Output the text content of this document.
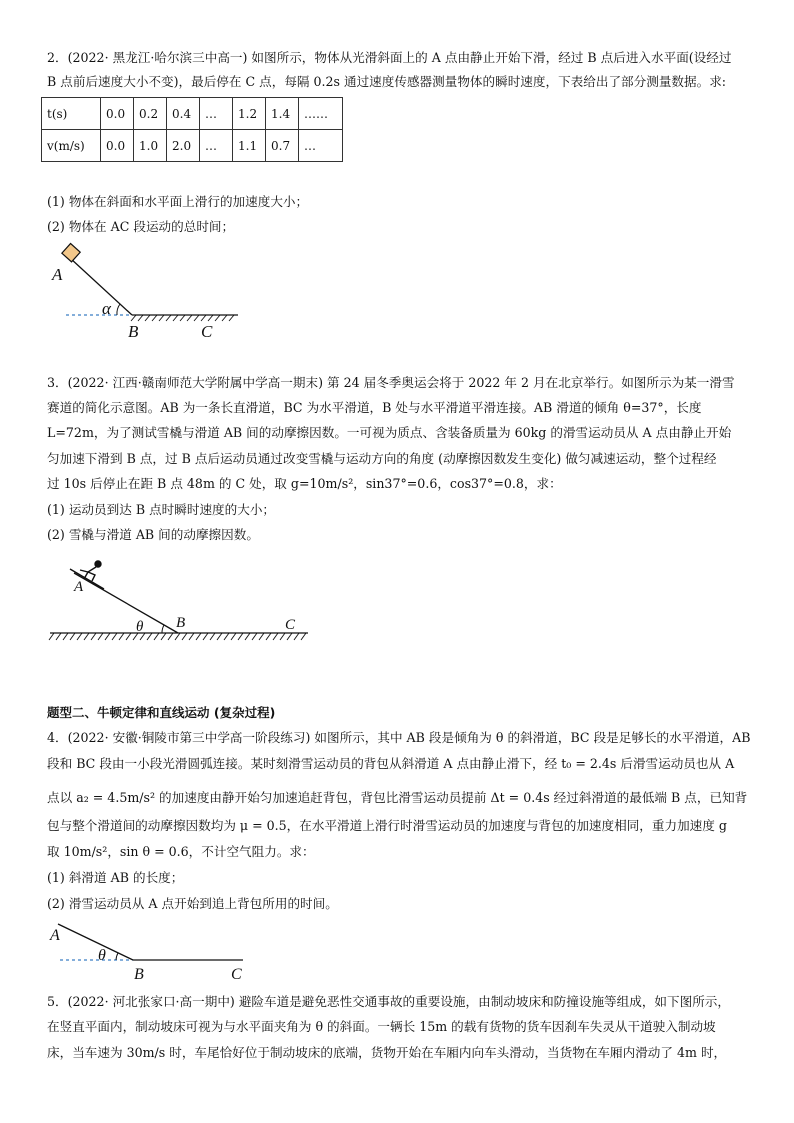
2．(2022· 黑龙江·哈尔滨三中高一) 如图所示，物体从光滑斜面上的 A 点由静止开始下滑，经过 B 点后进入水平面(设经过
B 点前后速度大小不变)，最后停在 C 点，每隔 0.2s 通过速度传感器测量物体的瞬时速度，下表给出了部分测量数据。求:
t(s)	0.0	0.2	0.4	…	1.2	1.4	……
v(m/s)	0.0	1.0	2.0	…	1.1	0.7	…
(1) 物体在斜面和水平面上滑行的加速度大小；
(2) 物体在 AC 段运动的总时间；
A
α
B	C
3．(2022· 江西·赣南师范大学附属中学高一期末) 第 24 届冬季奥运会将于 2022 年 2 月在北京举行。如图所示为某一滑雪
赛道的简化示意图。AB 为一条长直滑道，BC 为水平滑道，B 处与水平滑道平滑连接。AB 滑道的倾角 θ=37°，长度
L=72m，为了测试雪橇与滑道 AB 间的动摩擦因数。一可视为质点、含装备质量为 60kg 的滑雪运动员从 A 点由静止开始
匀加速下滑到 B 点，过 B 点后运动员通过改变雪橇与运动方向的角度 (动摩擦因数发生变化) 做匀减速运动，整个过程经
过 10s 后停止在距 B 点 48m 的 C 处，取 g=10m/s²，sin37°=0.6，cos37°=0.8，求：
(1) 运动员到达 B 点时瞬时速度的大小；
(2) 雪橇与滑道 AB 间的动摩擦因数。
A
θ B	C
题型二、牛顿定律和直线运动 (复杂过程)
4．(2022· 安徽·铜陵市第三中学高一阶段练习) 如图所示，其中 AB 段是倾角为 θ 的斜滑道，BC 段是足够长的水平滑道，AB
段和 BC 段由一小段光滑圆弧连接。某时刻滑雪运动员的背包从斜滑道 A 点由静止滑下，经 t₀ = 2.4s 后滑雪运动员也从 A
点以 a₂ = 4.5m/s² 的加速度由静开始匀加速追赶背包，背包比滑雪运动员提前 Δt = 0.4s 经过斜滑道的最低端 B 点，已知背
包与整个滑道间的动摩擦因数均为 μ = 0.5，在水平滑道上滑行时滑雪运动员的加速度与背包的加速度相同，重力加速度 g
取 10m/s²，sin θ = 0.6，不计空气阻力。求：
(1) 斜滑道 AB 的长度；
(2) 滑雪运动员从 A 点开始到追上背包所用的时间。
A
θ
B	C
5．(2022· 河北张家口·高一期中) 避险车道是避免恶性交通事故的重要设施，由制动坡床和防撞设施等组成，如下图所示，
在竖直平面内，制动坡床可视为与水平面夹角为 θ 的斜面。一辆长 15m 的载有货物的货车因刹车失灵从干道驶入制动坡
床，当车速为 30m/s 时，车尾恰好位于制动坡床的底端，货物开始在车厢内向车头滑动，当货物在车厢内滑动了 4m 时，
